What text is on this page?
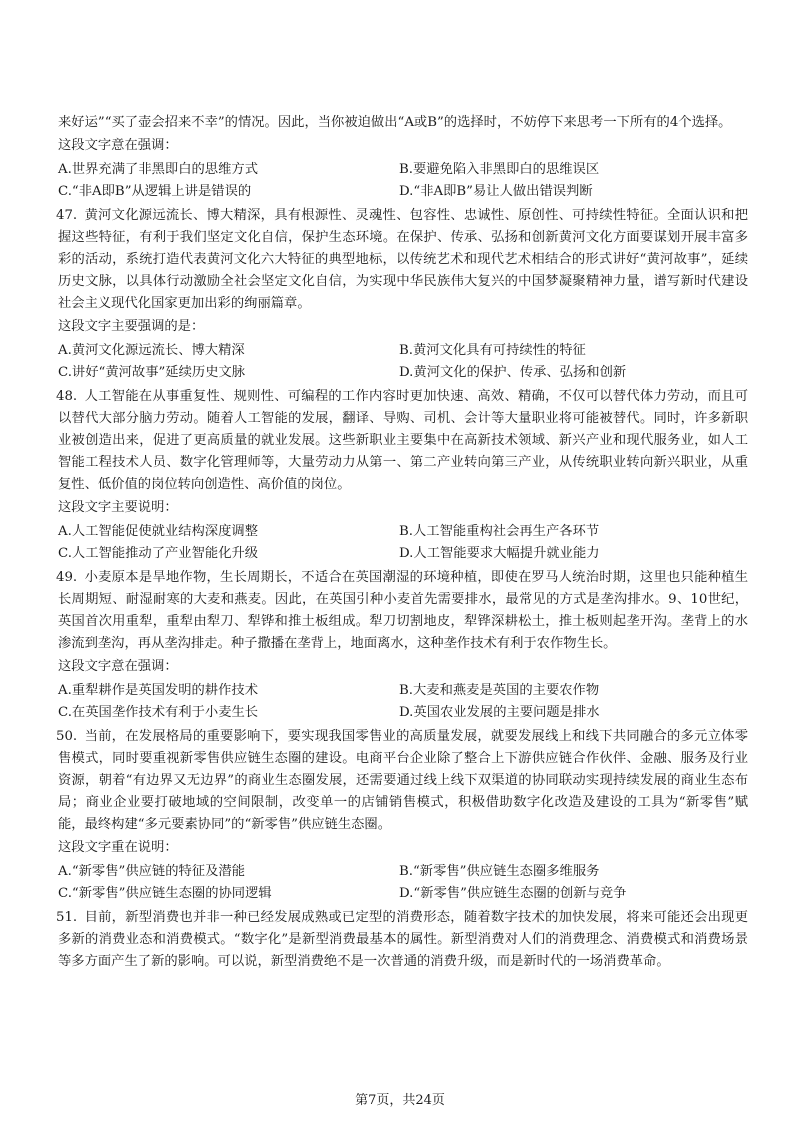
来好运”“买了壶会招来不幸”的情况。因此，当你被迫做出“A或B”的选择时，不妨停下来思考一下所有的4个选择。

这段文字意在强调：

A.世界充满了非黑即白的思维方式	B.要避免陷入非黑即白的思维误区
C.“非A即B”从逻辑上讲是错误的	D.“非A即B”易让人做出错误判断
47. 黄河文化源远流长、博大精深，具有根源性、灵魂性、包容性、忠诚性、原创性、可持续性特征。全面认识和把握这些特征，有利于我们坚定文化自信，保护生态环境。在保护、传承、弘扬和创新黄河文化方面要谋划开展丰富多彩的活动，系统打造代表黄河文化六大特征的典型地标，以传统艺术和现代艺术相结合的形式讲好“黄河故事”，延续历史文脉，以具体行动激励全社会坚定文化自信，为实现中华民族伟大复兴的中国梦凝聚精神力量，谱写新时代建设社会主义现代化国家更加出彩的绚丽篇章。

这段文字主要强调的是：

A.黄河文化源远流长、博大精深	B.黄河文化具有可持续性的特征
C.讲好“黄河故事”延续历史文脉	D.黄河文化的保护、传承、弘扬和创新
48. 人工智能在从事重复性、规则性、可编程的工作内容时更加快速、高效、精确，不仅可以替代体力劳动，而且可以替代大部分脑力劳动。随着人工智能的发展，翻译、导购、司机、会计等大量职业将可能被替代。同时，许多新职业被创造出来，促进了更高质量的就业发展。这些新职业主要集中在高新技术领域、新兴产业和现代服务业，如人工智能工程技术人员、数字化管理师等，大量劳动力从第一、第二产业转向第三产业，从传统职业转向新兴职业，从重复性、低价值的岗位转向创造性、高价值的岗位。

这段文字主要说明：

A.人工智能促使就业结构深度调整	B.人工智能重构社会再生产各环节
C.人工智能推动了产业智能化升级	D.人工智能要求大幅提升就业能力
49. 小麦原本是旱地作物，生长周期长，不适合在英国潮湿的环境种植，即使在罗马人统治时期，这里也只能种植生长周期短、耐湿耐寒的大麦和燕麦。因此，在英国引种小麦首先需要排水，最常见的方式是垄沟排水。9、10世纪，英国首次用重犁，重犁由犁刀、犁铧和推土板组成。犁刀切割地皮，犁铧深耕松土，推土板则起垄开沟。垄背上的水渗流到垄沟，再从垄沟排走。种子撒播在垄背上，地面离水，这种垄作技术有利于农作物生长。

这段文字意在强调：

A.重犁耕作是英国发明的耕作技术	B.大麦和燕麦是英国的主要农作物
C.在英国垄作技术有利于小麦生长	D.英国农业发展的主要问题是排水
50. 当前，在发展格局的重要影响下，要实现我国零售业的高质量发展，就要发展线上和线下共同融合的多元立体零售模式，同时要重视新零售供应链生态圈的建设。电商平台企业除了整合上下游供应链合作伙伴、金融、服务及行业资源，朝着“有边界又无边界”的商业生态圈发展，还需要通过线上线下双渠道的协同联动实现持续发展的商业生态布局；商业企业要打破地域的空间限制，改变单一的店铺销售模式，积极借助数字化改造及建设的工具为“新零售”赋能，最终构建“多元要素协同”的“新零售”供应链生态圈。

这段文字重在说明：

A.“新零售”供应链的特征及潜能	B.“新零售”供应链生态圈多维服务
C.“新零售”供应链生态圈的协同逻辑	D.“新零售”供应链生态圈的创新与竞争
51. 目前，新型消费也并非一种已经发展成熟或已定型的消费形态，随着数字技术的加快发展，将来可能还会出现更多新的消费业态和消费模式。“数字化”是新型消费最基本的属性。新型消费对人们的消费理念、消费模式和消费场景等多方面产生了新的影响。可以说，新型消费绝不是一次普通的消费升级，而是新时代的一场消费革命。

第7页，共24页
